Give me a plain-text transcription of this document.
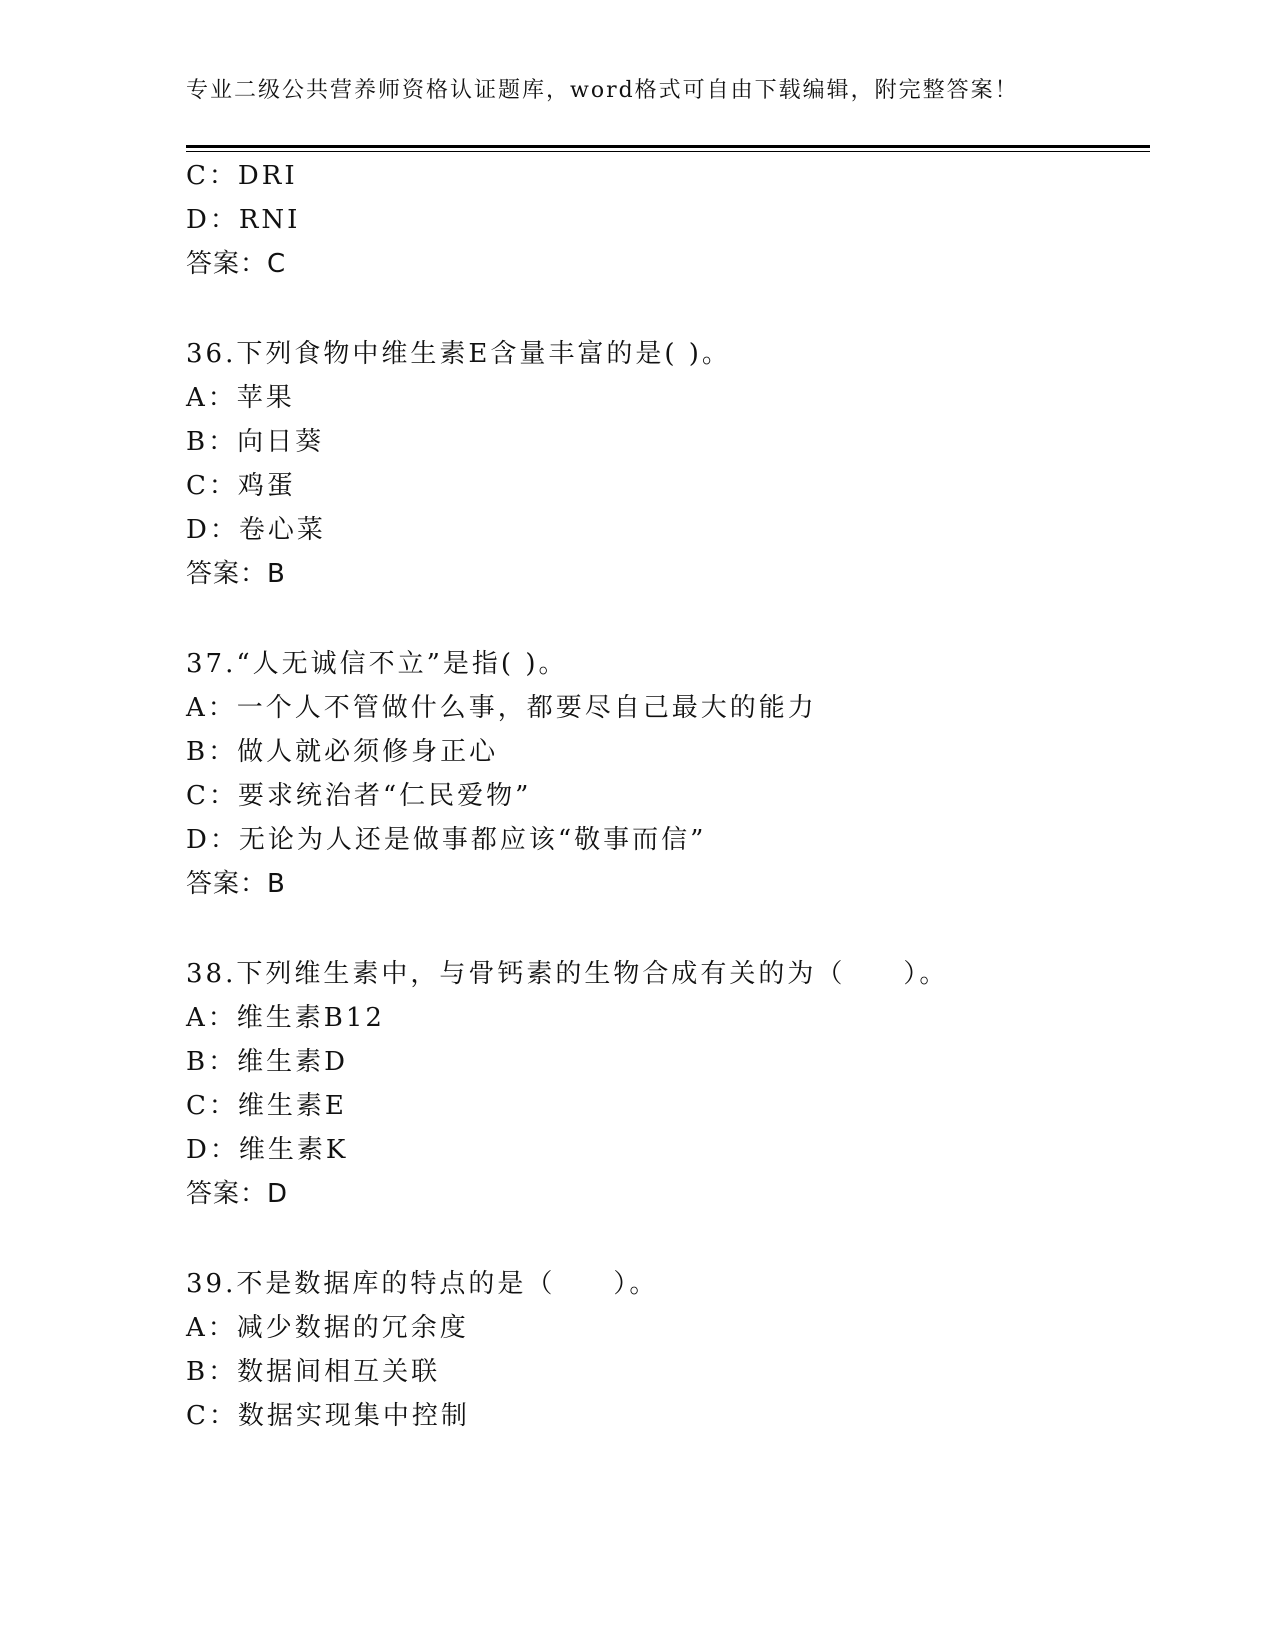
专业二级公共营养师资格认证题库，word格式可自由下载编辑，附完整答案！
C：DRI
D：RNI
答案：C
36.下列食物中维生素E含量丰富的是( )。
A：苹果
B：向日葵
C：鸡蛋
D：卷心菜
答案：B
37.“人无诚信不立”是指( )。
A：一个人不管做什么事，都要尽自己最大的能力
B：做人就必须修身正心
C：要求统治者“仁民爱物”
D：无论为人还是做事都应该“敬事而信”
答案：B
38.下列维生素中，与骨钙素的生物合成有关的为（　　）。
A：维生素B12
B：维生素D
C：维生素E
D：维生素K
答案：D
39.不是数据库的特点的是（　　）。
A：减少数据的冗余度
B：数据间相互关联
C：数据实现集中控制
